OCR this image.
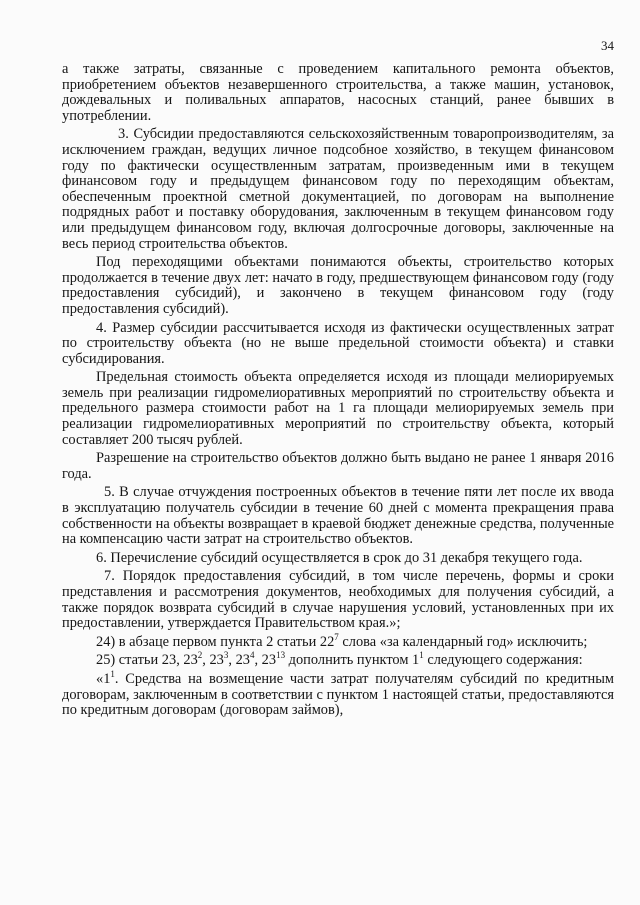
34

а также затраты, связанные с проведением капитального ремонта объектов, приобретением объектов незавершенного строительства, а также машин, установок, дождевальных и поливальных аппаратов, насосных станций, ранее бывших в употреблении.

3. Субсидии предоставляются сельскохозяйственным товаропроизводителям, за исключением граждан, ведущих личное подсобное хозяйство, в текущем финансовом году по фактически осуществленным затратам, произведенным ими в текущем финансовом году и предыдущем финансовом году по переходящим объектам, обеспеченным проектной сметной документацией, по договорам на выполнение подрядных работ и поставку оборудования, заключенным в текущем финансовом году или предыдущем финансовом году, включая долгосрочные договоры, заключенные на весь период строительства объектов.

Под переходящими объектами понимаются объекты, строительство которых продолжается в течение двух лет: начато в году, предшествующем финансовом году (году предоставления субсидий), и закончено в текущем финансовом году (году предоставления субсидий).

4. Размер субсидии рассчитывается исходя из фактически осуществленных затрат по строительству объекта (но не выше предельной стоимости объекта) и ставки субсидирования.

Предельная стоимость объекта определяется исходя из площади мелиорируемых земель при реализации гидромелиоративных мероприятий по строительству объекта и предельного размера стоимости работ на 1 га площади мелиорируемых земель при реализации гидромелиоративных мероприятий по строительству объекта, который составляет 200 тысяч рублей.

Разрешение на строительство объектов должно быть выдано не ранее 1 января 2016 года.

5. В случае отчуждения построенных объектов в течение пяти лет после их ввода в эксплуатацию получатель субсидии в течение 60 дней с момента прекращения права собственности на объекты возвращает в краевой бюджет денежные средства, полученные на компенсацию части затрат на строительство объектов.

6. Перечисление субсидий осуществляется в срок до 31 декабря текущего года.

7. Порядок предоставления субсидий, в том числе перечень, формы и сроки представления и рассмотрения документов, необходимых для получения субсидий, а также порядок возврата субсидий в случае нарушения условий, установленных при их предоставлении, утверждается Правительством края.»;

24) в абзаце первом пункта 2 статьи $22^7$ слова «за календарный год» исключить;

25) статьи 23, $23^2$, $23^3$, $23^4$, $23^{13}$ дополнить пунктом $1^1$ следующего содержания:

«$1^1$. Средства на возмещение части затрат получателям субсидий по кредитным договорам, заключенным в соответствии с пунктом 1 настоящей статьи, предоставляются по кредитным договорам (договорам займов),
